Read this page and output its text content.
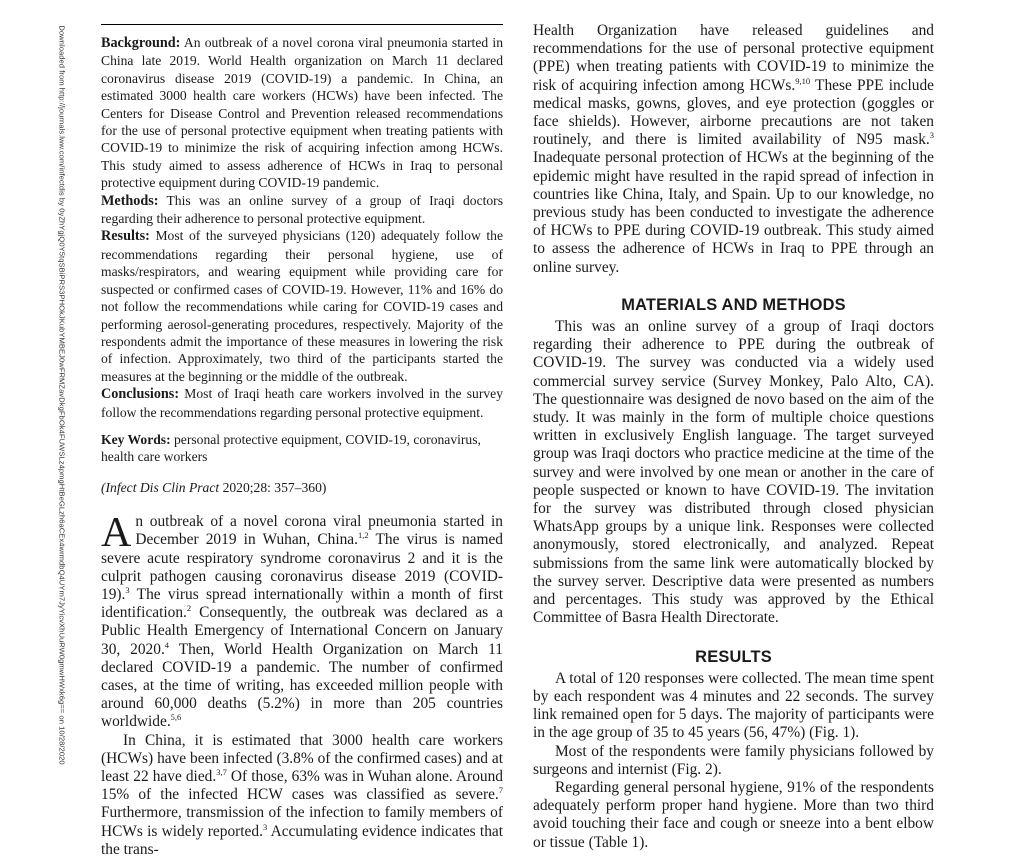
Downloaded from http://journals.lww.com/infectdis by 0yZhYgjQ0Y5tqSBiPRS3PHOkJKubYMBEJ0wFRMZavDkgFbOk4FUWSLz4pmgHtBeGLzh6aCEx4wrmdbQ4UYm7JyYicvXhUuRW0gmwHWxk6g== on 10/28/2020 Background: An outbreak of a novel corona viral pneumonia started in China late 2019. World Health organization on March 11 declared coronavirus disease 2019 (COVID-19) a pandemic. In China, an estimated 3000 health care workers (HCWs) have been infected. The Centers for Disease Control and Prevention released recommendations for the use of personal protective equipment when treating patients with COVID-19 to minimize the risk of acquiring infection among HCWs. This study aimed to assess adherence of HCWs in Iraq to personal protective equipment during COVID-19 pandemic.

Methods: This was an online survey of a group of Iraqi doctors regarding their adherence to personal protective equipment.

Results: Most of the surveyed physicians (120) adequately follow the recommendations regarding their personal hygiene, use of masks/respirators, and wearing equipment while providing care for suspected or confirmed cases of COVID-19. However, 11% and 16% do not follow the recommendations while caring for COVID-19 cases and performing aerosol-generating procedures, respectively. Majority of the respondents admit the importance of these measures in lowering the risk of infection. Approximately, two third of the participants started the measures at the beginning or the middle of the outbreak.

Conclusions: Most of Iraqi heath care workers involved in the survey follow the recommendations regarding personal protective equipment.

Key Words: personal protective equipment, COVID-19, coronavirus, health care workers
(Infect Dis Clin Pract 2020;28: 357–360)

An outbreak of a novel corona viral pneumonia started in December 2019 in Wuhan, China.$^{1,2}$ The virus is named severe acute respiratory syndrome coronavirus 2 and it is the culprit pathogen causing coronavirus disease 2019 (COVID-19).$^3$ The virus spread internationally within a month of first identification.$^2$ Consequently, the outbreak was declared as a Public Health Emergency of International Concern on January 30, 2020.$^4$ Then, World Health Organization on March 11 declared COVID-19 a pandemic. The number of confirmed cases, at the time of writing, has exceeded million people with around 60,000 deaths (5.2%) in more than 205 countries worldwide.$^{5,6}$

In China, it is estimated that 3000 health care workers (HCWs) have been infected (3.8% of the confirmed cases) and at least 22 have died.$^{3,7}$ Of those, 63% was in Wuhan alone. Around 15% of the infected HCW cases was classified as severe.$^7$ Furthermore, transmission of the infection to family members of HCWs is widely reported.$^3$ Accumulating evidence indicates that the trans-

Health Organization have released guidelines and recommendations for the use of personal protective equipment (PPE) when treating patients with COVID-19 to minimize the risk of acquiring infection among HCWs.$^{9,10}$ These PPE include medical masks, gowns, gloves, and eye protection (goggles or face shields). However, airborne precautions are not taken routinely, and there is limited availability of N95 mask.$^3$ Inadequate personal protection of HCWs at the beginning of the epidemic might have resulted in the rapid spread of infection in countries like China, Italy, and Spain. Up to our knowledge, no previous study has been conducted to investigate the adherence of HCWs to PPE during COVID-19 outbreak. This study aimed to assess the adherence of HCWs in Iraq to PPE through an online survey.

MATERIALS AND METHODS

This was an online survey of a group of Iraqi doctors regarding their adherence to PPE during the outbreak of COVID-19. The survey was conducted via a widely used commercial survey service (Survey Monkey, Palo Alto, CA). The questionnaire was designed de novo based on the aim of the study. It was mainly in the form of multiple choice questions written in exclusively English language. The target surveyed group was Iraqi doctors who practice medicine at the time of the survey and were involved by one mean or another in the care of people suspected or known to have COVID-19. The invitation for the survey was distributed through closed physician WhatsApp groups by a unique link. Responses were collected anonymously, stored electronically, and analyzed. Repeat submissions from the same link were automatically blocked by the survey server. Descriptive data were presented as numbers and percentages. This study was approved by the Ethical Committee of Basra Health Directorate.

RESULTS

A total of 120 responses were collected. The mean time spent by each respondent was 4 minutes and 22 seconds. The survey link remained open for 5 days. The majority of participants were in the age group of 35 to 45 years (56, 47%) (Fig. 1).

Most of the respondents were family physicians followed by surgeons and internist (Fig. 2).

Regarding general personal hygiene, 91% of the respondents adequately perform proper hand hygiene. More than two third avoid touching their face and cough or sneeze into a bent elbow or tissue (Table 1).
